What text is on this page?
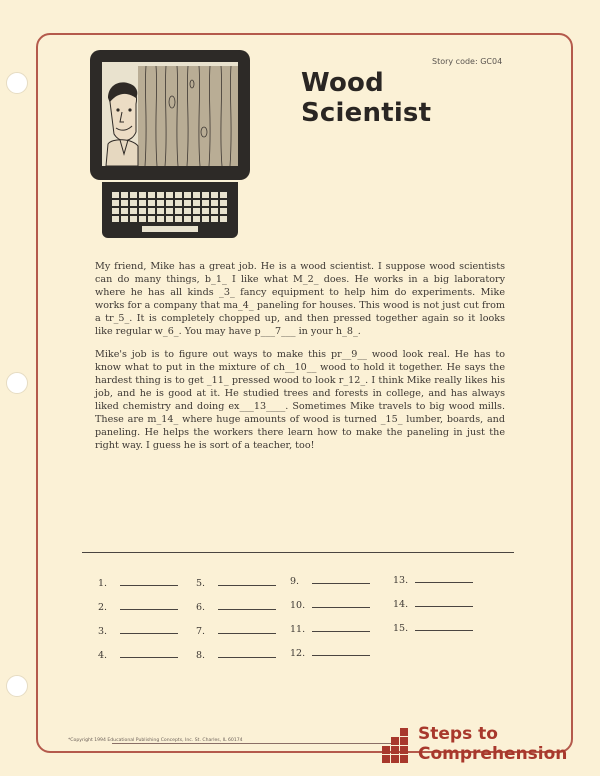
Story code: GC04
Wood Scientist

My friend, Mike has a great job. He is a wood scientist. I suppose wood scientists can do many things, b_1_ I like what M_2_ does. He works in a big laboratory where he has all kinds _3_ fancy equipment to help him do experiments. Mike works for a company that ma_4_ paneling for houses. This wood is not just cut from a tr_5_. It is completely chopped up, and then pressed together again so it looks like regular w_6_. You may have p___7___ in your h_8_.

Mike's job is to figure out ways to make this pr__9__ wood look real. He has to know what to put in the mixture of ch__10__ wood to hold it together. He says the hardest thing is to get _11_ pressed wood to look r_12_. I think Mike really likes his job, and he is good at it. He studied trees and forests in college, and has always liked chemistry and doing ex___13____. Sometimes Mike travels to big wood mills. These are m_14_ where huge amounts of wood is turned _15_ lumber, boards, and paneling. He helps the workers there learn how to make the paneling in just the right way. I guess he is sort of a teacher, too!

1.
2.
3.
4.
5.
6.
7.
8.
9.
10.
11.
12.
13.
14.
15.
*Copyright 1994 Educational Publishing Concepts, Inc. St. Charles, IL 60174	Steps to
Comprehension
